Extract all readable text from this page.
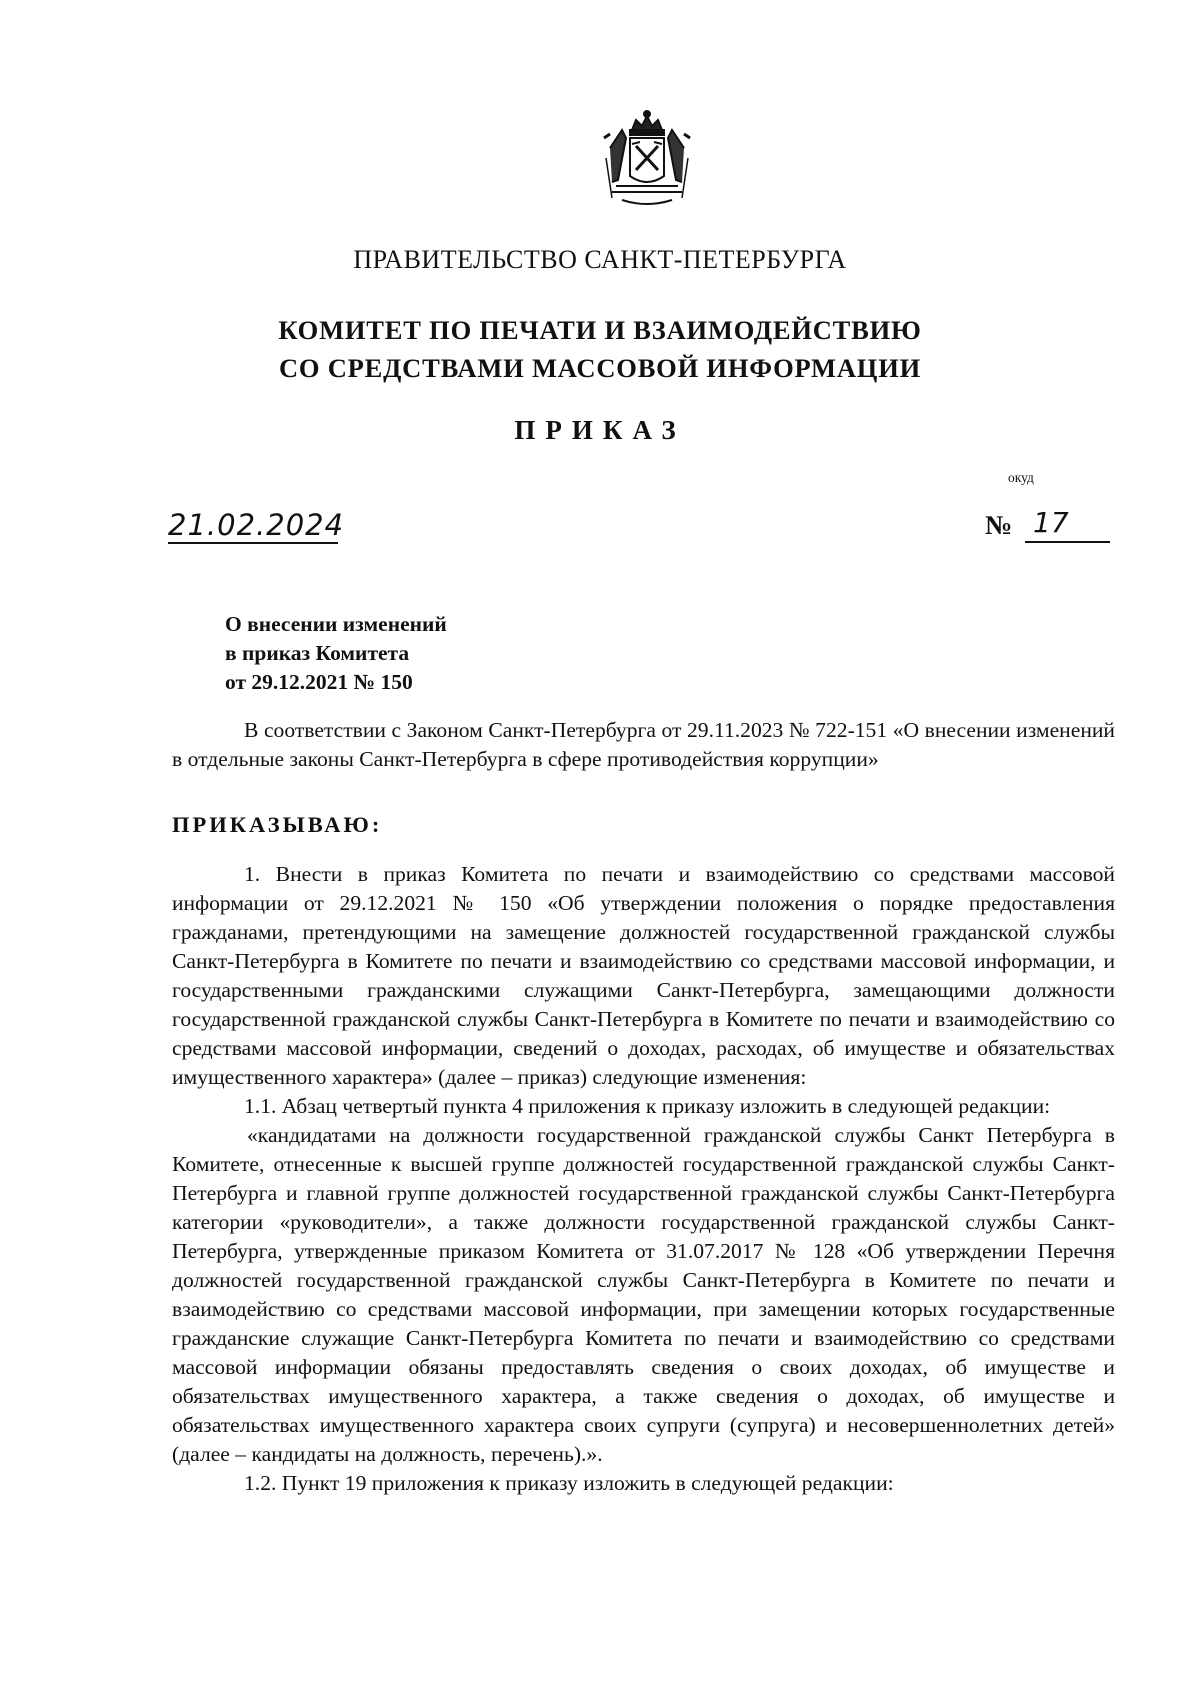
ПРАВИТЕЛЬСТВО САНКТ-ПЕТЕРБУРГА
КОМИТЕТ ПО ПЕЧАТИ И ВЗАИМОДЕЙСТВИЮ
СО СРЕДСТВАМИ МАССОВОЙ ИНФОРМАЦИИ
ПРИКАЗ
окуд
21.02.2024	№ 17
О внесении изменений
в приказ Комитета
от 29.12.2021 № 150
В соответствии с Законом Санкт-Петербурга от 29.11.2023 № 722-151 «О внесении изменений в отдельные законы Санкт-Петербурга в сфере противодействия коррупции»
ПРИКАЗЫВАЮ:

1. Внести в приказ Комитета по печати и взаимодействию со средствами массовой информации от 29.12.2021 № 150 «Об утверждении положения о порядке предоставления гражданами, претендующими на замещение должностей государственной гражданской службы Санкт-Петербурга в Комитете по печати и взаимодействию со средствами массовой информации, и государственными гражданскими служащими Санкт-Петербурга, замещающими должности государственной гражданской службы Санкт-Петербурга в Комитете по печати и взаимодействию со средствами массовой информации, сведений о доходах, расходах, об имуществе и обязательствах имущественного характера» (далее – приказ) следующие изменения:

1.1. Абзац четвертый пункта 4 приложения к приказу изложить в следующей редакции:

«кандидатами на должности государственной гражданской службы Санкт Петербурга в Комитете, отнесенные к высшей группе должностей государственной гражданской службы Санкт-Петербурга и главной группе должностей государственной гражданской службы Санкт-Петербурга категории «руководители», а также должности государственной гражданской службы Санкт-Петербурга, утвержденные приказом Комитета от 31.07.2017 № 128 «Об утверждении Перечня должностей государственной гражданской службы Санкт-Петербурга в Комитете по печати и взаимодействию со средствами массовой информации, при замещении которых государственные гражданские служащие Санкт-Петербурга Комитета по печати и взаимодействию со средствами массовой информации обязаны предоставлять сведения о своих доходах, об имуществе и обязательствах имущественного характера, а также сведения о доходах, об имуществе и обязательствах имущественного характера своих супруги (супруга) и несовершеннолетних детей» (далее – кандидаты на должность, перечень).».

1.2. Пункт 19 приложения к приказу изложить в следующей редакции:
